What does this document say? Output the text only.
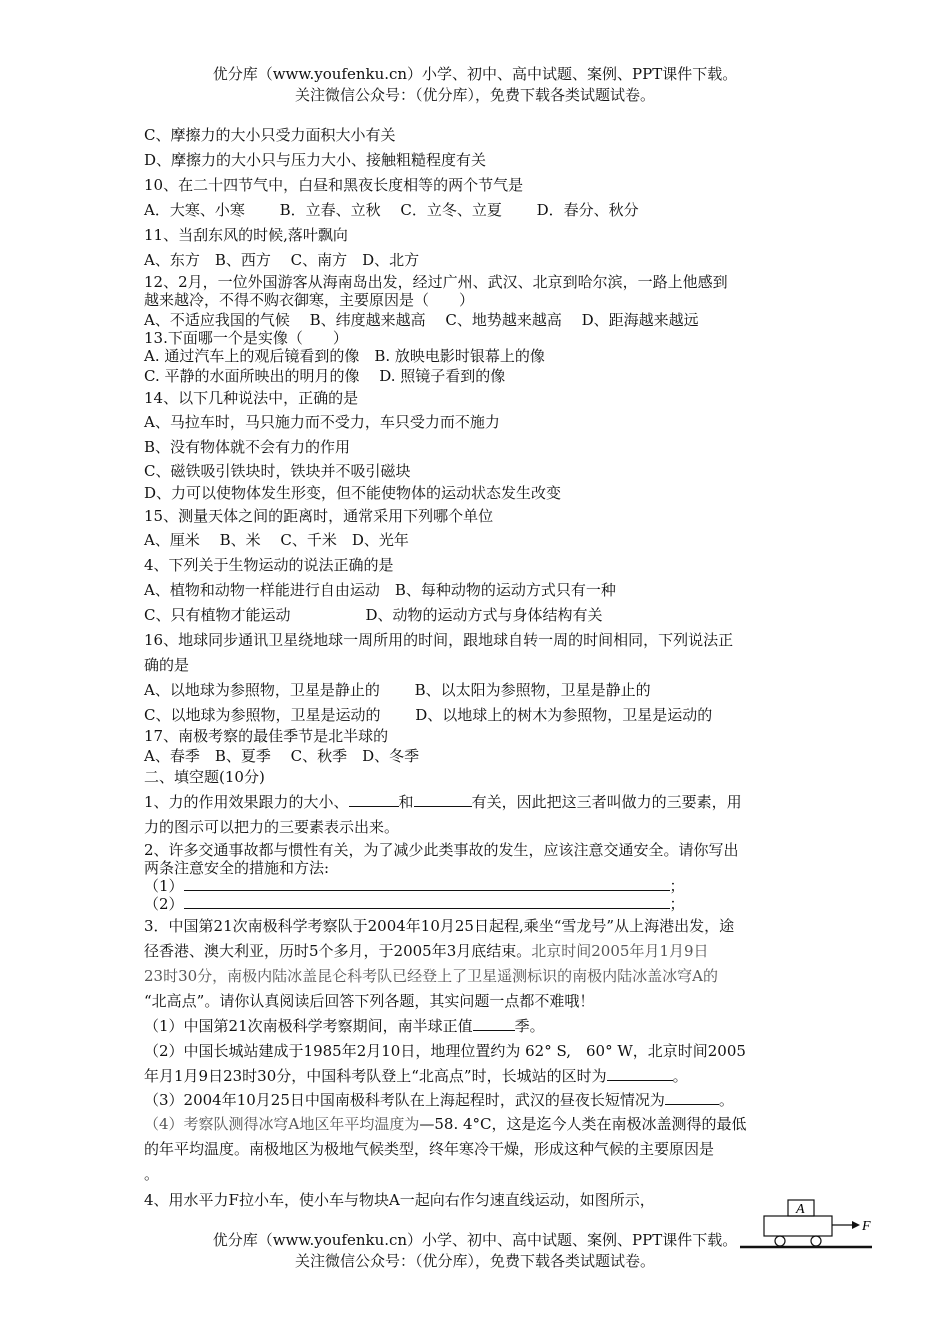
优分库（www.youfenku.cn）小学、初中、高中试题、案例、PPT课件下载。
关注微信公众号：（优分库），免费下载各类试题试卷。
C、摩擦力的大小只受力面积大小有关
D、摩擦力的大小只与压力大小、接触粗糙程度有关
10、在二十四节气中，白昼和黑夜长度相等的两个节气是
A．大寒、小寒　　 B．立春、立秋　 C．立冬、立夏　　 D．春分、秋分
11、当刮东风的时候,落叶飘向
A、东方　B、西方　 C、南方　D、北方
12、2月，一位外国游客从海南岛出发，经过广州、武汉、北京到哈尔滨，一路上他感到
越来越冷，不得不购衣御寒，主要原因是（　　）
A、不适应我国的气候　 B、纬度越来越高　 C、地势越来越高　 D、距海越来越远
13.下面哪一个是实像（　　）
A. 通过汽车上的观后镜看到的像　B. 放映电影时银幕上的像
C. 平静的水面所映出的明月的像　 D. 照镜子看到的像
14、以下几种说法中，正确的是
A、马拉车时，马只施力而不受力，车只受力而不施力
B、没有物体就不会有力的作用
C、磁铁吸引铁块时，铁块并不吸引磁块
D、力可以使物体发生形变，但不能使物体的运动状态发生改变
15、测量天体之间的距离时，通常采用下列哪个单位
A、厘米　 B、米　 C、千米　D、光年
4、下列关于生物运动的说法正确的是
A、植物和动物一样能进行自由运动　B、每种动物的运动方式只有一种
C、只有植物才能运动　　　　　D、动物的运动方式与身体结构有关
16、地球同步通讯卫星绕地球一周所用的时间，跟地球自转一周的时间相同，下列说法正
确的是
A、以地球为参照物，卫星是静止的　　 B、以太阳为参照物，卫星是静止的
C、以地球为参照物，卫星是运动的　　 D、以地球上的树木为参照物，卫星是运动的
17、南极考察的最佳季节是北半球的
A、春季　B、夏季　 C、秋季　D、冬季
二、填空题(10分)
1、力的作用效果跟力的大小、	和	有关，因此把这三者叫做力的三要素，用
力的图示可以把力的三要素表示出来。
2、许多交通事故都与惯性有关，为了减少此类事故的发生，应该注意交通安全。请你写出
两条注意安全的措施和方法:
（1）	；
（2）	；
3．中国第21次南极科学考察队于2004年10月25日起程,乘坐“雪龙号”从上海港出发，途
径香港、澳大利亚，历时5个多月，于2005年3月底结束。北京时间2005年月1月9日
23时30分，南极内陆冰盖昆仑科考队已经登上了卫星遥测标识的南极内陆冰盖冰穹A的
“北高点”。请你认真阅读后回答下列各题，其实问题一点都不难哦！
（1）中国第21次南极科学考察期间，南半球正值	季。
（2）中国长城站建成于1985年2月10日，地理位置约为 62° S,　60° W，北京时间2005
年月1月9日23时30分，中国科考队登上“北高点”时，长城站的区时为	。
（3）2004年10月25日中国南极科考队在上海起程时，武汉的昼夜长短情况为	。
（4）考察队测得冰穹A地区年平均温度为—58. 4°C，这是迄今人类在南极冰盖测得的最低
的年平均温度。南极地区为极地气候类型，终年寒冷干燥，形成这种气候的主要原因是
。
4、用水平力F拉小车，使小车与物块A一起向右作匀速直线运动，如图所示，
A
F
优分库（www.youfenku.cn）小学、初中、高中试题、案例、PPT课件下载。
关注微信公众号：（优分库），免费下载各类试题试卷。
